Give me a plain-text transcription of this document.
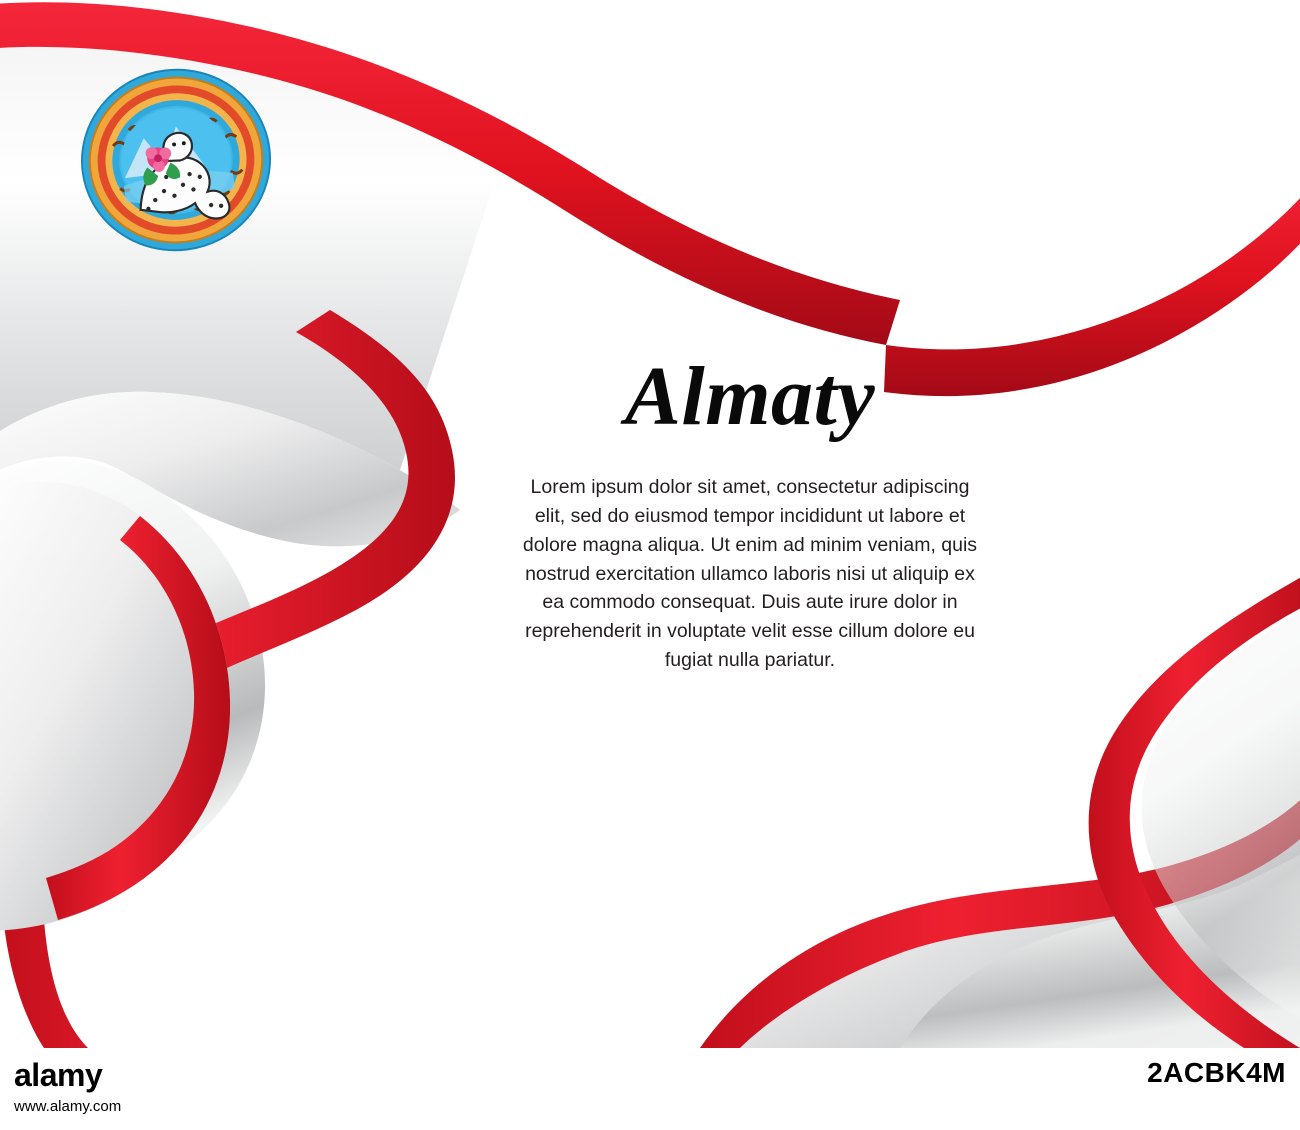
Almaty

Lorem ipsum dolor sit amet, consectetur adipiscing elit, sed do eiusmod tempor incididunt ut labore et dolore magna aliqua. Ut enim ad minim veniam, quis nostrud exercitation ullamco laboris nisi ut aliquip ex ea commodo consequat. Duis aute irure dolor in reprehenderit in voluptate velit esse cillum dolore eu fugiat nulla pariatur.

alamy
www.alamy.com
2ACBK4M
